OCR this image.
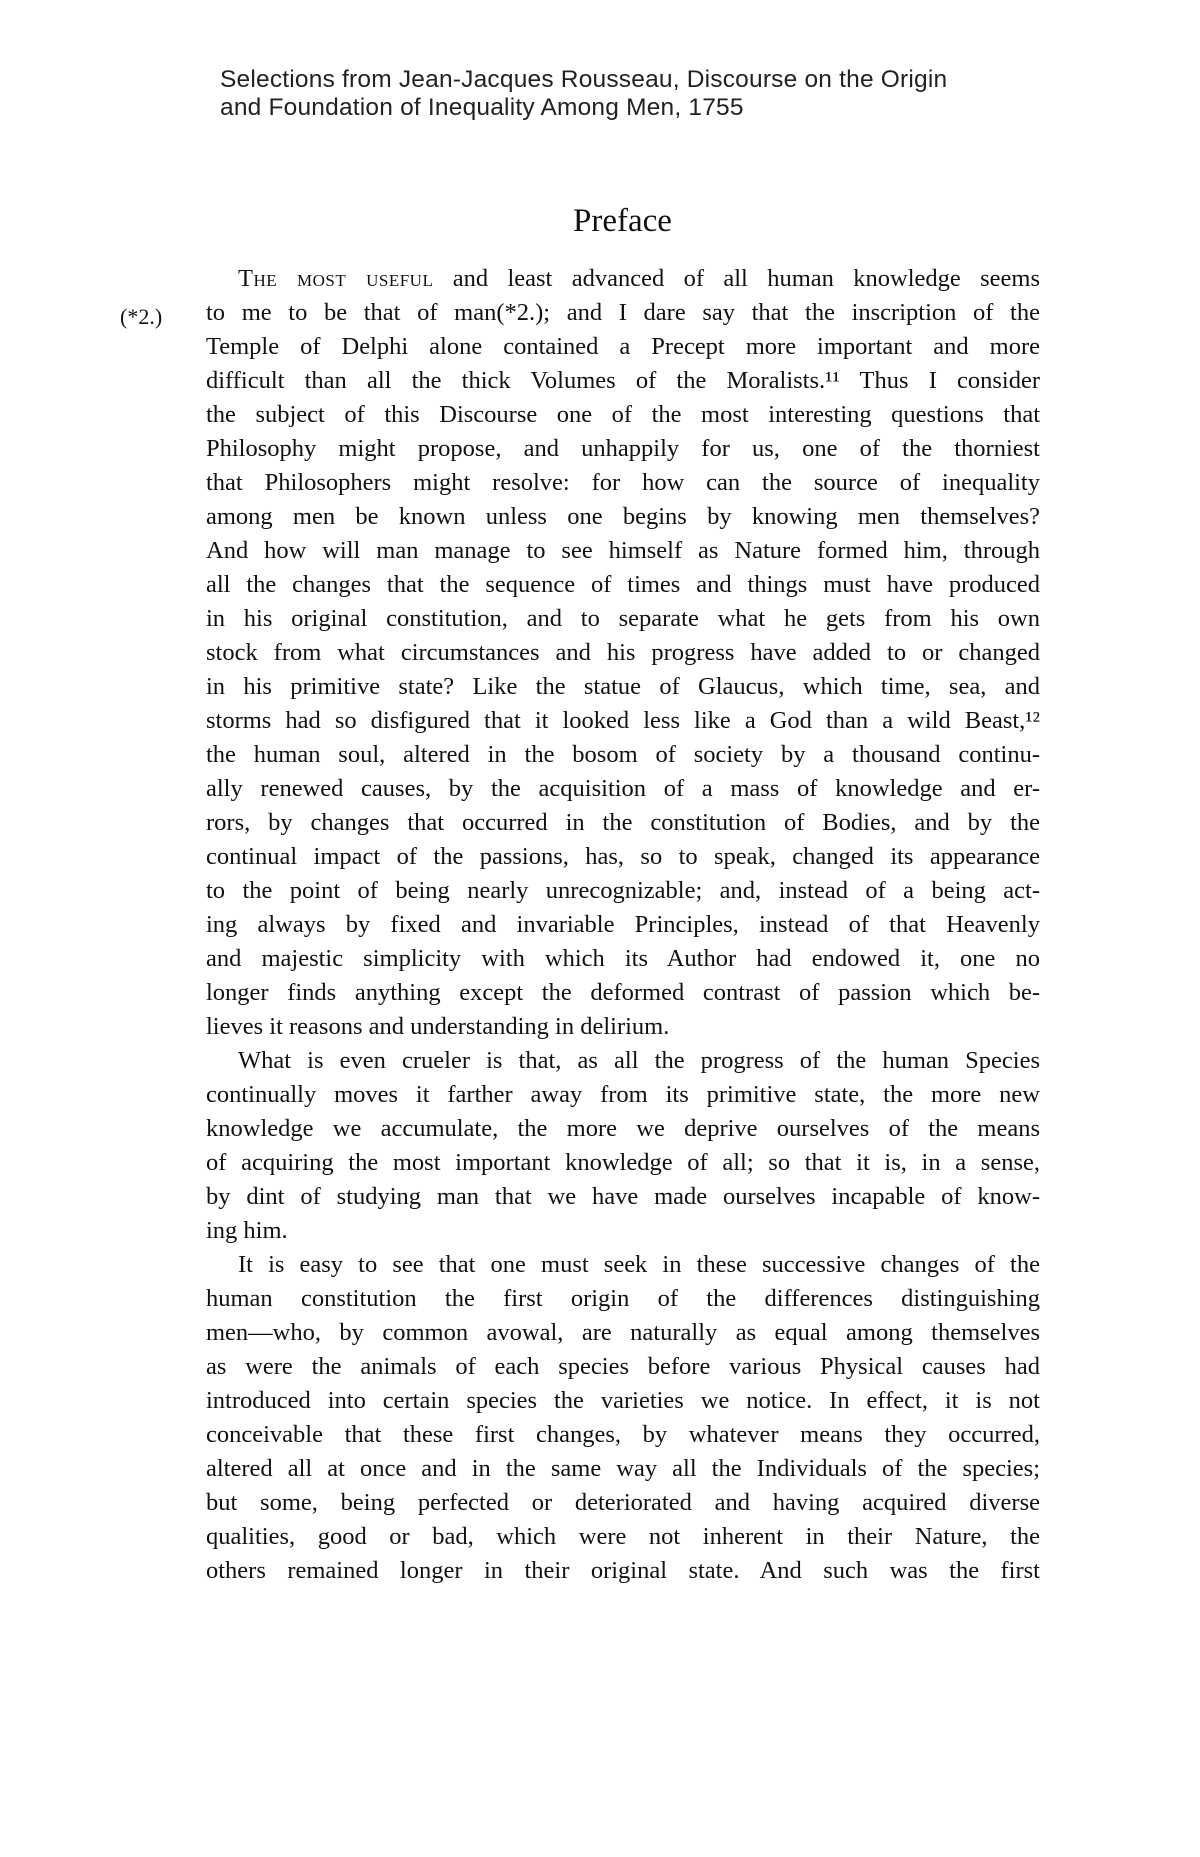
Selections from Jean-Jacques Rousseau, Discourse on the Origin
and Foundation of Inequality Among Men, 1755
Preface
(*2.)
The most useful and least advanced of all human knowledge seems
to me to be that of man(*2.); and I dare say that the inscription of the
Temple of Delphi alone contained a Precept more important and more
difficult than all the thick Volumes of the Moralists.¹¹ Thus I consider
the subject of this Discourse one of the most interesting questions that
Philosophy might propose, and unhappily for us, one of the thorniest
that Philosophers might resolve: for how can the source of inequality
among men be known unless one begins by knowing men themselves?
And how will man manage to see himself as Nature formed him, through
all the changes that the sequence of times and things must have produced
in his original constitution, and to separate what he gets from his own
stock from what circumstances and his progress have added to or changed
in his primitive state? Like the statue of Glaucus, which time, sea, and
storms had so disfigured that it looked less like a God than a wild Beast,¹²
the human soul, altered in the bosom of society by a thousand continu-
ally renewed causes, by the acquisition of a mass of knowledge and er-
rors, by changes that occurred in the constitution of Bodies, and by the
continual impact of the passions, has, so to speak, changed its appearance
to the point of being nearly unrecognizable; and, instead of a being act-
ing always by fixed and invariable Principles, instead of that Heavenly
and majestic simplicity with which its Author had endowed it, one no
longer finds anything except the deformed contrast of passion which be-
lieves it reasons and understanding in delirium.
What is even crueler is that, as all the progress of the human Species
continually moves it farther away from its primitive state, the more new
knowledge we accumulate, the more we deprive ourselves of the means
of acquiring the most important knowledge of all; so that it is, in a sense,
by dint of studying man that we have made ourselves incapable of know-
ing him.
It is easy to see that one must seek in these successive changes of the
human constitution the first origin of the differences distinguishing
men—who, by common avowal, are naturally as equal among themselves
as were the animals of each species before various Physical causes had
introduced into certain species the varieties we notice. In effect, it is not
conceivable that these first changes, by whatever means they occurred,
altered all at once and in the same way all the Individuals of the species;
but some, being perfected or deteriorated and having acquired diverse
qualities, good or bad, which were not inherent in their Nature, the
others remained longer in their original state. And such was the first
